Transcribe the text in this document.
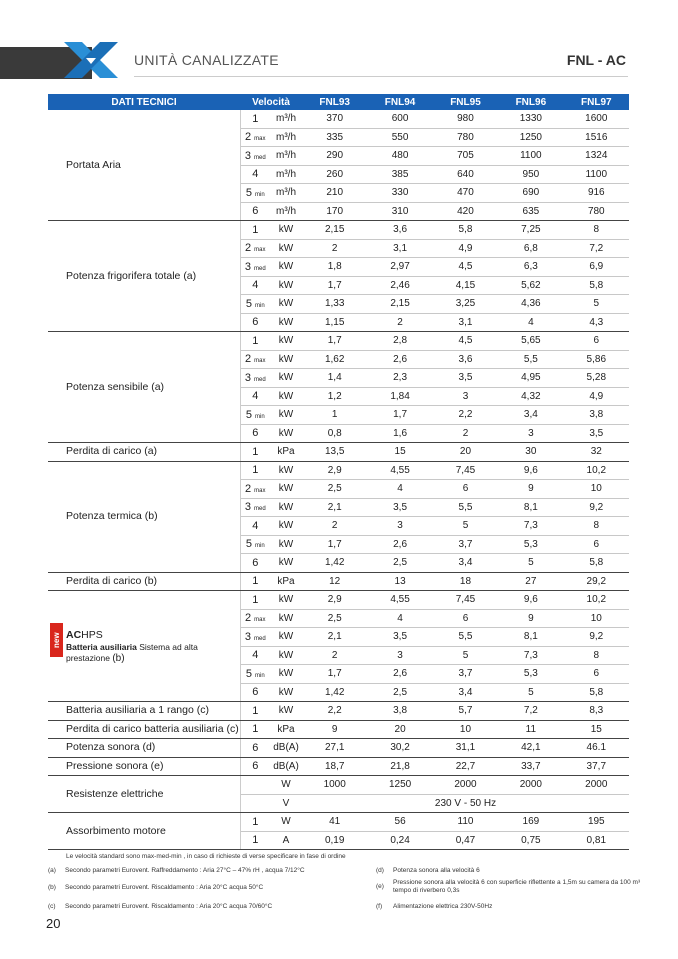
UNITÀ CANALIZZATE	FNL - AC
DATI TECNICI	Velocità		FNL93	FNL94	FNL95	FNL96	FNL97
Portata Aria	1	m³/h	370	600	980	1330	1600
	2 max	m³/h	335	550	780	1250	1516
	3 med	m³/h	290	480	705	1100	1324
	4	m³/h	260	385	640	950	1100
	5 min	m³/h	210	330	470	690	916
	6	m³/h	170	310	420	635	780
Potenza frigorifera totale (a)	1	kW	2,15	3,6	5,8	7,25	8
	2 max	kW	2	3,1	4,9	6,8	7,2
	3 med	kW	1,8	2,97	4,5	6,3	6,9
	4	kW	1,7	2,46	4,15	5,62	5,8
	5 min	kW	1,33	2,15	3,25	4,36	5
	6	kW	1,15	2	3,1	4	4,3
Potenza sensibile (a)	1	kW	1,7	2,8	4,5	5,65	6
	2 max	kW	1,62	2,6	3,6	5,5	5,86
	3 med	kW	1,4	2,3	3,5	4,95	5,28
	4	kW	1,2	1,84	3	4,32	4,9
	5 min	kW	1	1,7	2,2	3,4	3,8
	6	kW	0,8	1,6	2	3	3,5
Perdita di carico (a)	1	kPa	13,5	15	20	30	32
Potenza termica (b)	1	kW	2,9	4,55	7,45	9,6	10,2
	2 max	kW	2,5	4	6	9	10
	3 med	kW	2,1	3,5	5,5	8,1	9,2
	4	kW	2	3	5	7,3	8
	5 min	kW	1,7	2,6	3,7	5,3	6
	6	kW	1,42	2,5	3,4	5	5,8
Perdita di carico (b)	1	kPa	12	13	18	27	29,2

new ACHPS
Batteria ausiliaria Sistema ad alta prestazione (b)	1	kW	2,9	4,55	7,45	9,6	10,2
	2 max	kW	2,5	4	6	9	10
	3 med	kW	2,1	3,5	5,5	8,1	9,2
	4	kW	2	3	5	7,3	8
	5 min	kW	1,7	2,6	3,7	5,3	6
	6	kW	1,42	2,5	3,4	5	5,8
Batteria ausiliaria a 1 rango (c)	1	kW	2,2	3,8	5,7	7,2	8,3
Perdita di carico batteria ausiliaria (c)	1	kPa	9	20	10	11	15
Potenza sonora (d)	6	dB(A)	27,1	30,2	31,1	42,1	46.1
Pressione sonora (e)	6	dB(A)	18,7	21,8	22,7	33,7	37,7
Resistenze elettriche		W	1000	1250	2000	2000	2000
		V	230 V - 50 Hz				
Assorbimento motore	1	W	41	56	110	169	195
	1	A	0,19	0,24	0,47	0,75	0,81
Le velocità standard sono max-med-min , in caso di richieste di verse specificare in fase di ordine
(a) Secondo parametri Eurovent. Raffreddamento : Aria 27°C – 47% rH , acqua 7/12°C
(b) Secondo parametri Eurovent. Riscaldamento : Aria 20°C acqua 50°C
(c) Secondo parametri Eurovent. Riscaldamento : Aria 20°C acqua 70/60°C
(d) Potenza sonora alla velocità 6
(e)
Pressione sonora alla velocità 6 con superficie riflettente a 1,5m su camera da 100 m³ tempo di riverbero 0,3s
(f) Alimentazione elettrica 230V-50Hz
20
